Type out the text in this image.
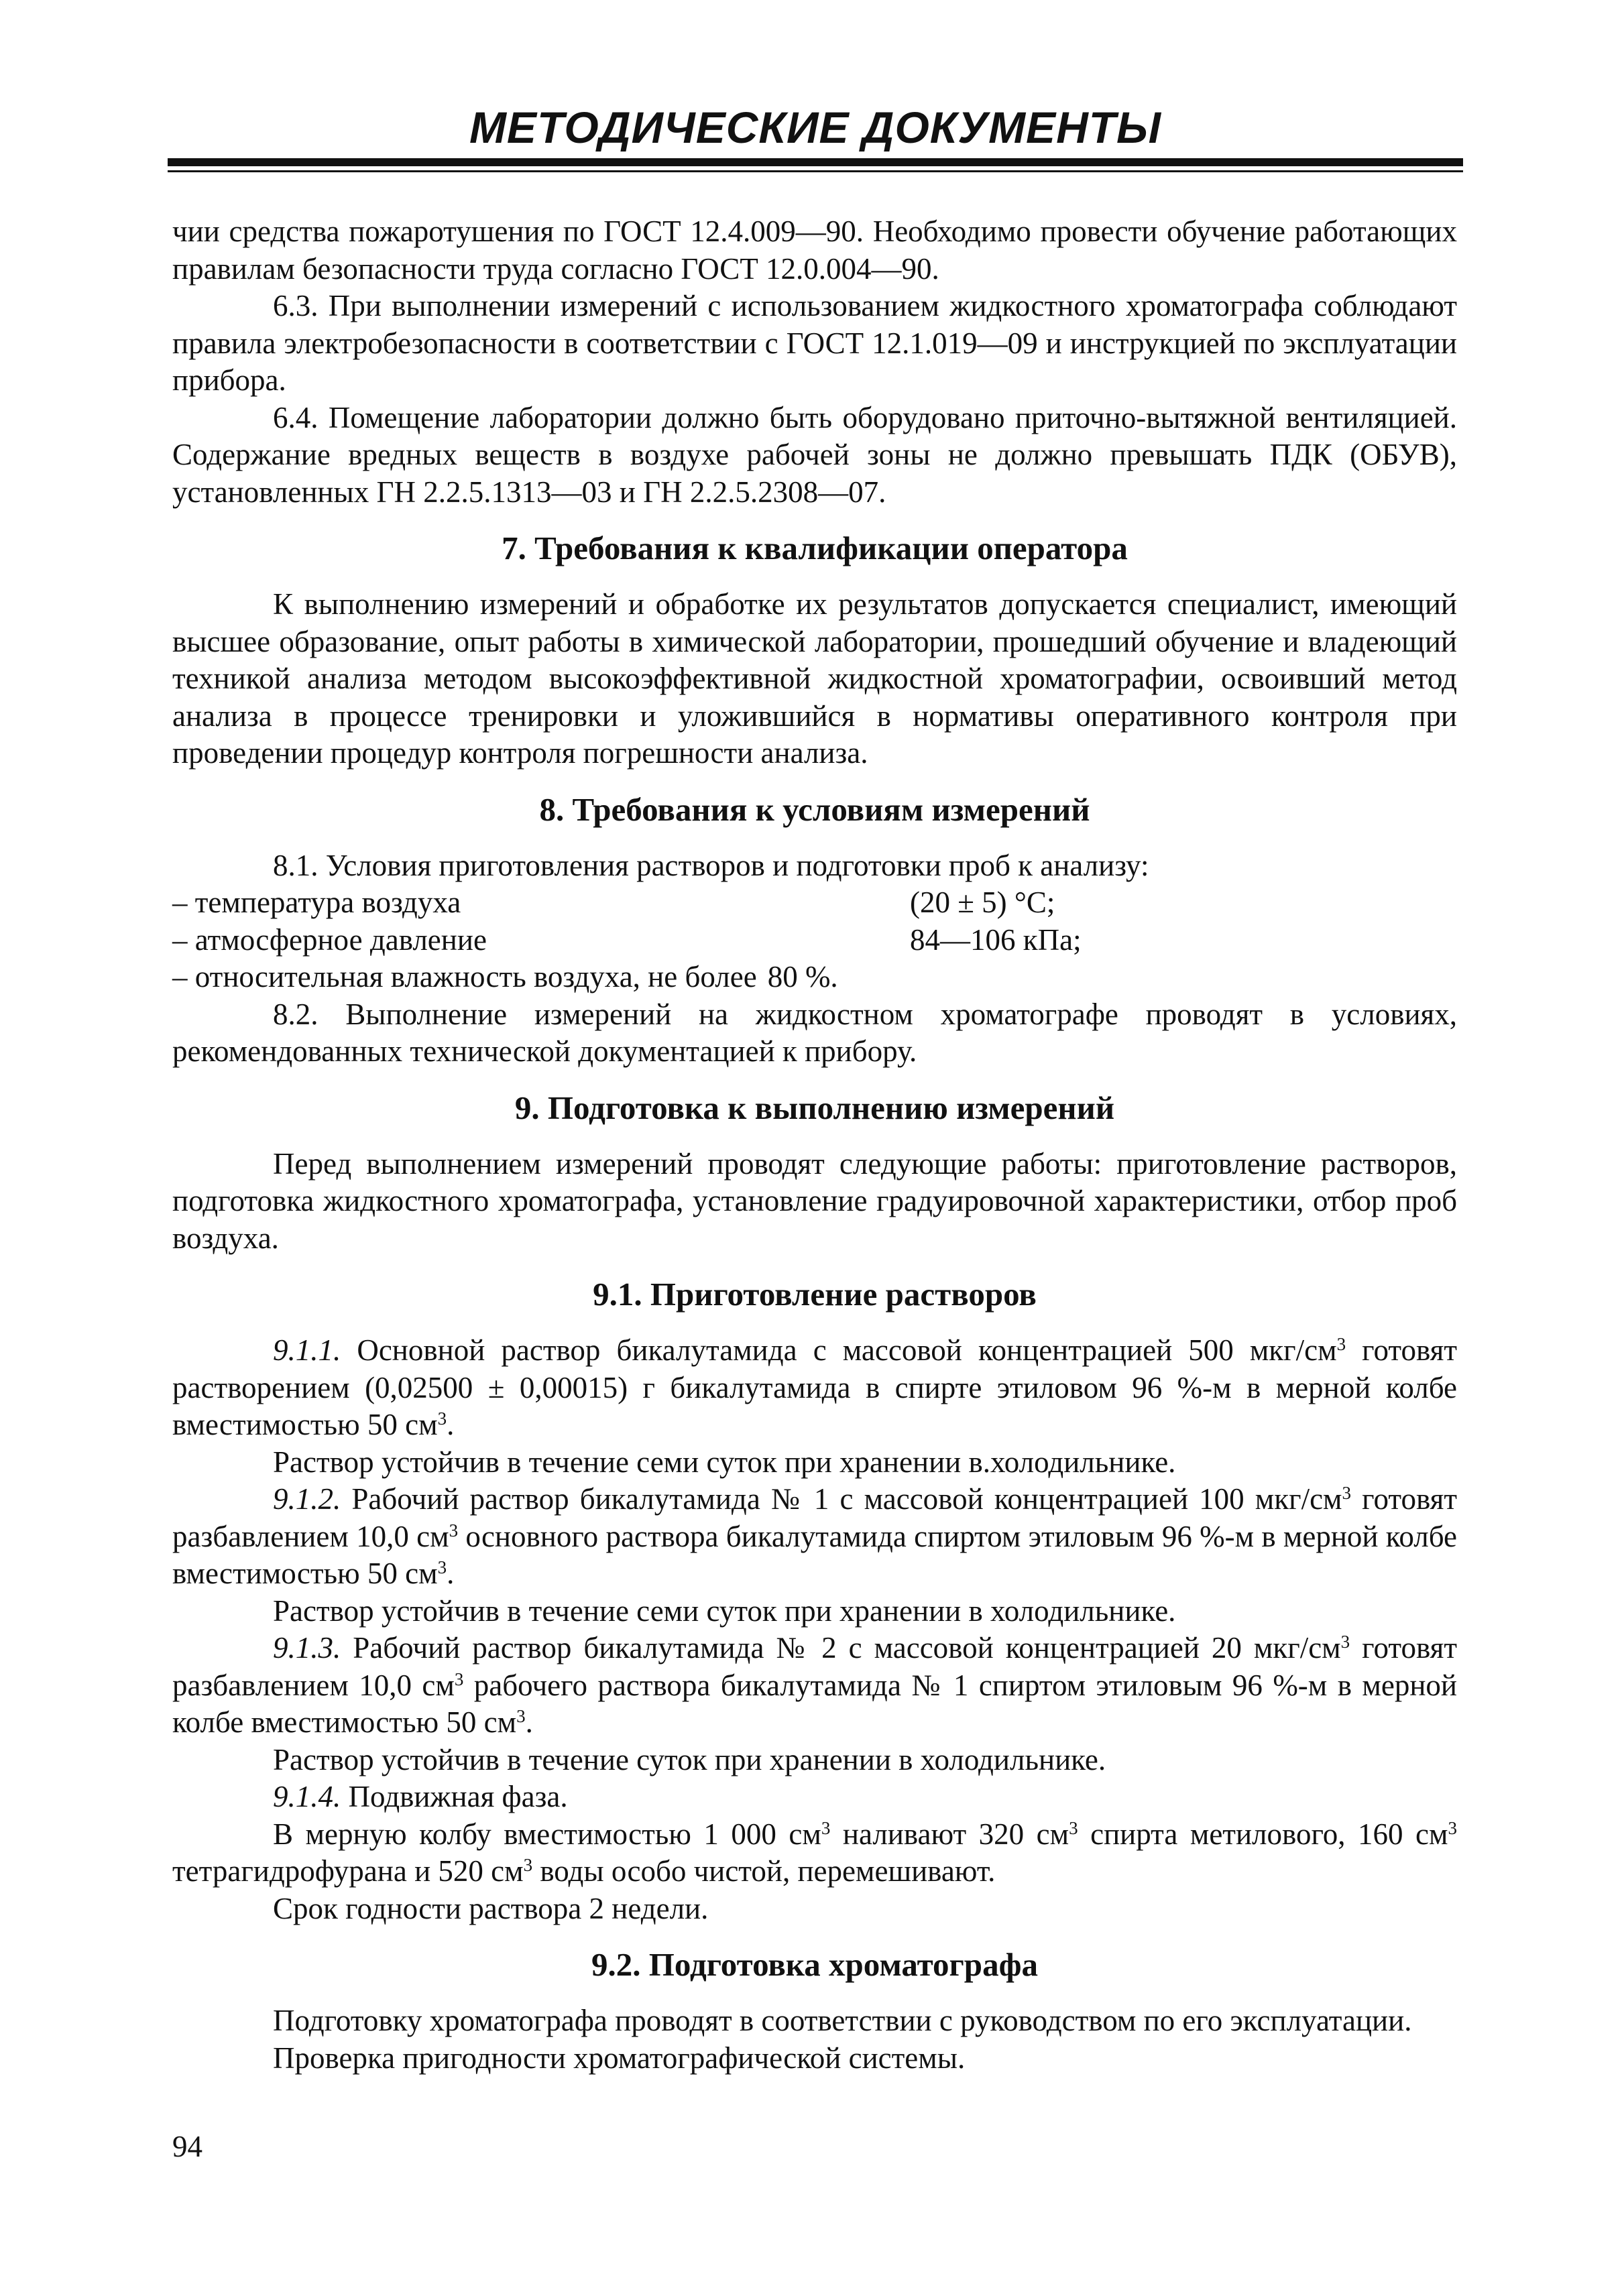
МЕТОДИЧЕСКИЕ ДОКУМЕНТЫ

чии средства пожаротушения по ГОСТ 12.4.009—90. Необходимо провести обучение работающих правилам безопасности труда согласно ГОСТ 12.0.004—90.

6.3. При выполнении измерений с использованием жидкостного хроматографа соблюдают правила электробезопасности в соответствии с ГОСТ 12.1.019—09 и инструкцией по эксплуатации прибора.

6.4. Помещение лаборатории должно быть оборудовано приточно-вытяжной вентиляцией. Содержание вредных веществ в воздухе рабочей зоны не должно превышать ПДК (ОБУВ), установленных ГН 2.2.5.1313—03 и ГН 2.2.5.2308—07.

7. Требования к квалификации оператора

К выполнению измерений и обработке их результатов допускается специалист, имеющий высшее образование, опыт работы в химической лаборатории, прошедший обучение и владеющий техникой анализа методом высокоэффективной жидкостной хроматографии, освоивший метод анализа в процессе тренировки и уложившийся в нормативы оперативного контроля при проведении процедур контроля погрешности анализа.

8. Требования к условиям измерений

8.1. Условия приготовления растворов и подготовки проб к анализу:

– температура воздуха	(20 ± 5) °С;
– атмосферное давление	84—106 кПа;
– относительная влажность воздуха, не более 80 %.

8.2. Выполнение измерений на жидкостном хроматографе проводят в условиях, рекомендованных технической документацией к прибору.

9. Подготовка к выполнению измерений

Перед выполнением измерений проводят следующие работы: приготовление растворов, подготовка жидкостного хроматографа, установление градуировочной характеристики, отбор проб воздуха.

9.1. Приготовление растворов

9.1.1. Основной раствор бикалутамида с массовой концентрацией 500 мкг/$см^3$ готовят растворением (0,02500 ± 0,00015) г бикалутамида в спирте этиловом 96 %-м в мерной колбе вместимостью 50 $см^3$.

Раствор устойчив в течение семи суток при хранении в.холодильнике.

9.1.2. Рабочий раствор бикалутамида № 1 с массовой концентрацией 100 мкг/$см^3$ готовят разбавлением 10,0 $см^3$ основного раствора бикалутамида спиртом этиловым 96 %-м в мерной колбе вместимостью 50 $см^3$.

Раствор устойчив в течение семи суток при хранении в холодильнике.

9.1.3. Рабочий раствор бикалутамида № 2 с массовой концентрацией 20 мкг/$см^3$ готовят разбавлением 10,0 $см^3$ рабочего раствора бикалутамида № 1 спиртом этиловым 96 %-м в мерной колбе вместимостью 50 $см^3$.

Раствор устойчив в течение суток при хранении в холодильнике.

9.1.4. Подвижная фаза.

В мерную колбу вместимостью 1 000 $см^3$ наливают 320 $см^3$ спирта метилового, 160 $см^3$ тетрагидрофурана и 520 $см^3$ воды особо чистой, перемешивают.

Срок годности раствора 2 недели.

9.2. Подготовка хроматографа

Подготовку хроматографа проводят в соответствии с руководством по его эксплуатации.

Проверка пригодности хроматографической системы.

94
